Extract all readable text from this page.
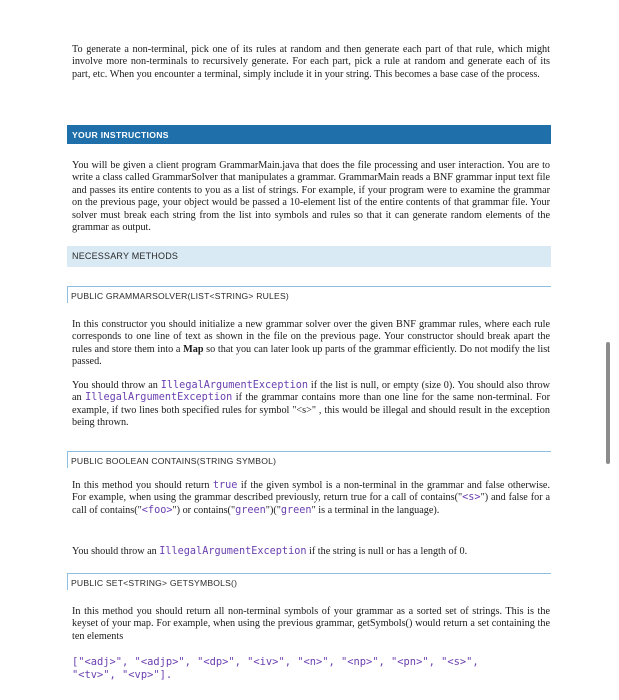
To generate a non-terminal, pick one of its rules at random and then generate each part of that rule, which might involve more non-terminals to recursively generate. For each part, pick a rule at random and generate each of its part, etc. When you encounter a terminal, simply include it in your string. This becomes a base case of the process.

YOUR INSTRUCTIONS

You will be given a client program GrammarMain.java that does the file processing and user interaction. You are to write a class called GrammarSolver that manipulates a grammar. GrammarMain reads a BNF grammar input text file and passes its entire contents to you as a list of strings. For example, if your program were to examine the grammar on the previous page, your object would be passed a 10-element list of the entire contents of that grammar file. Your solver must break each string from the list into symbols and rules so that it can generate random elements of the grammar as output.

NECESSARY METHODS
PUBLIC GRAMMARSOLVER(LIST<STRING> RULES)

In this constructor you should initialize a new grammar solver over the given BNF grammar rules, where each rule corresponds to one line of text as shown in the file on the previous page. Your constructor should break apart the rules and store them into a Map so that you can later look up parts of the grammar efficiently. Do not modify the list passed.

You should throw an IllegalArgumentException if the list is null, or empty (size 0). You should also throw an IllegalArgumentException if the grammar contains more than one line for the same non-terminal. For example, if two lines both specified rules for symbol "<s>" , this would be illegal and should result in the exception being thrown.

PUBLIC BOOLEAN CONTAINS(STRING SYMBOL)

In this method you should return true if the given symbol is a non-terminal in the grammar and false otherwise. For example, when using the grammar described previously, return true for a call of contains("<s>") and false for a call of contains("<foo>") or contains("green")("green" is a terminal in the language).

You should throw an IllegalArgumentException if the string is null or has a length of 0.

PUBLIC SET<STRING> GETSYMBOLS()

In this method you should return all non-terminal symbols of your grammar as a sorted set of strings. This is the keyset of your map. For example, when using the previous grammar, getSymbols() would return a set containing the ten elements

["<adj>", "<adjp>", "<dp>", "<iv>", "<n>", "<np>", "<pn>", "<s>",
"<tv>", "<vp>"].
